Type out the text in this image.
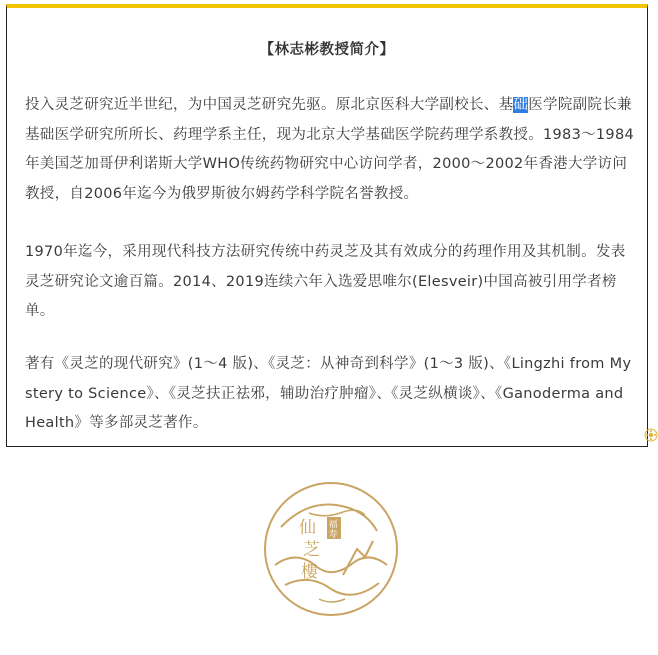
【林志彬教授简介】

投入灵芝研究近半世纪，为中国灵芝研究先驱。原北京医科大学副校长、基础医学院副院长兼基础医学研究所所长、药理学系主任，现为北京大学基础医学院药理学系教授。1983～1984年美国芝加哥伊利诺斯大学WHO传统药物研究中心访问学者，2000～2002年香港大学访问教授，自2006年迄今为俄罗斯彼尔姆药学科学院名誉教授。

1970年迄今，采用现代科技方法研究传统中药灵芝及其有效成分的药理作用及其机制。发表灵芝研究论文逾百篇。2014、2019连续六年入选爱思唯尔(Elesveir)中国高被引用学者榜单。

著有《灵芝的现代研究》(1～4 版)、《灵芝：从神奇到科学》(1～3 版)、《Lingzhi from Mystery to Science》、《灵芝扶正祛邪，辅助治疗肿瘤》、《灵芝纵横谈》、《Ganoderma and Health》等多部灵芝著作。

仙
芝
樓
福
寿
